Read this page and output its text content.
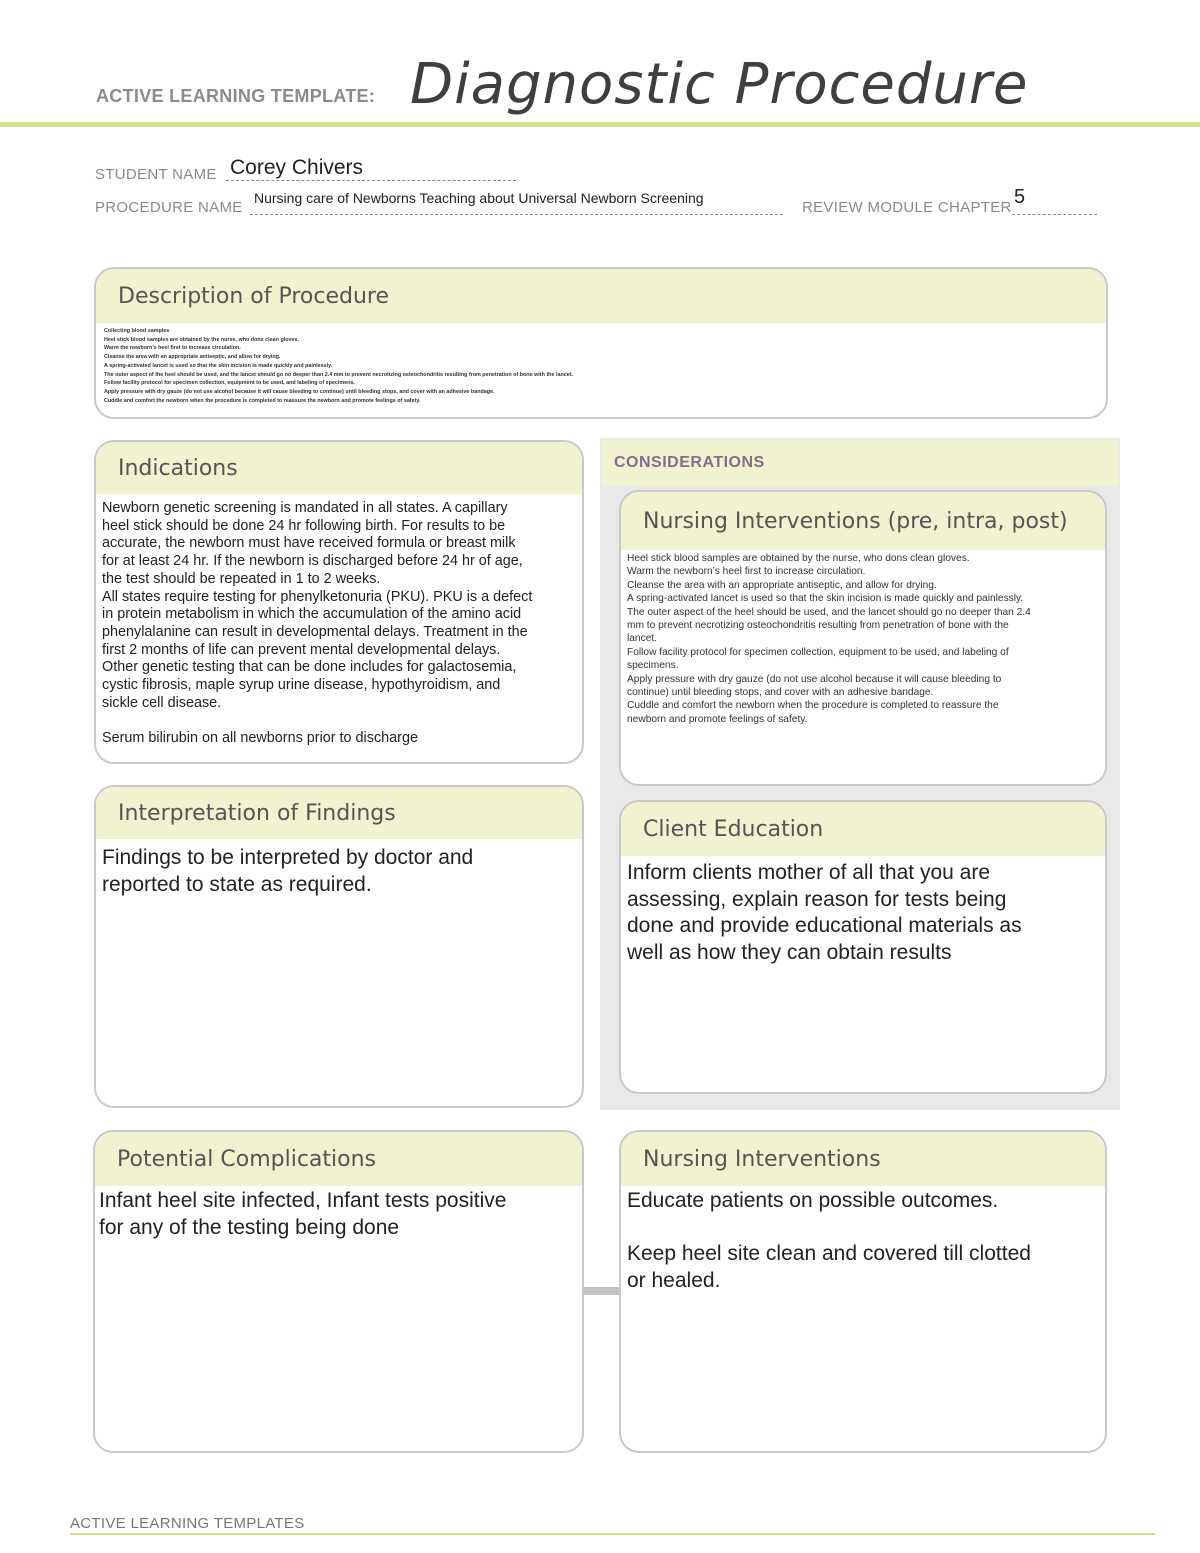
ACTIVE LEARNING TEMPLATE: Diagnostic Procedure
STUDENT NAME Corey Chivers
PROCEDURE NAME
Nursing care of Newborns Teaching about Universal Newborn Screening
REVIEW MODULE CHAPTER 5
Description of Procedure
Collecting blood samples
Heel stick blood samples are obtained by the nurse, who dons clean gloves.
Warm the newborn’s heel first to increase circulation.
Cleanse the area with an appropriate antiseptic, and allow for drying.
A spring-activated lancet is used so that the skin incision is made quickly and painlessly.
The outer aspect of the heel should be used, and the lancet should go no deeper than 2.4 mm to prevent necrotizing osteochondritis resulting from penetration of bone with the lancet.
Follow facility protocol for specimen collection, equipment to be used, and labeling of specimens.
Apply pressure with dry gauze (do not use alcohol because it will cause bleeding to continue) until bleeding stops, and cover with an adhesive bandage.
Cuddle and comfort the newborn when the procedure is completed to reassure the newborn and promote feelings of safety.
Indications
Newborn genetic screening is mandated in all states. A capillary
heel stick should be done 24 hr following birth. For results to be
accurate, the newborn must have received formula or breast milk
for at least 24 hr. If the newborn is discharged before 24 hr of age,
the test should be repeated in 1 to 2 weeks.
All states require testing for phenylketonuria (PKU). PKU is a defect
in protein metabolism in which the accumulation of the amino acid
phenylalanine can result in developmental delays. Treatment in the
first 2 months of life can prevent mental developmental delays.
Other genetic testing that can be done includes for galactosemia,
cystic fibrosis, maple syrup urine disease, hypothyroidism, and
sickle cell disease.
Serum bilirubin on all newborns prior to discharge
CONSIDERATIONS
Nursing Interventions (pre, intra, post)
Heel stick blood samples are obtained by the nurse, who dons clean gloves.
Warm the newborn’s heel first to increase circulation.
Cleanse the area with an appropriate antiseptic, and allow for drying.
A spring-activated lancet is used so that the skin incision is made quickly and painlessly.
The outer aspect of the heel should be used, and the lancet should go no deeper than 2.4
mm to prevent necrotizing osteochondritis resulting from penetration of bone with the
lancet.
Follow facility protocol for specimen collection, equipment to be used, and labeling of
specimens.
Apply pressure with dry gauze (do not use alcohol because it will cause bleeding to
continue) until bleeding stops, and cover with an adhesive bandage.
Cuddle and comfort the newborn when the procedure is completed to reassure the
newborn and promote feelings of safety.
Interpretation of Findings
Findings to be interpreted by doctor and
reported to state as required.
Client Education
Inform clients mother of all that you are
assessing, explain reason for tests being
done and provide educational materials as
well as how they can obtain results
Potential Complications
Infant heel site infected, Infant tests positive
for any of the testing being done
Nursing Interventions
Educate patients on possible outcomes.
Keep heel site clean and covered till clotted
or healed.
ACTIVE LEARNING TEMPLATES
